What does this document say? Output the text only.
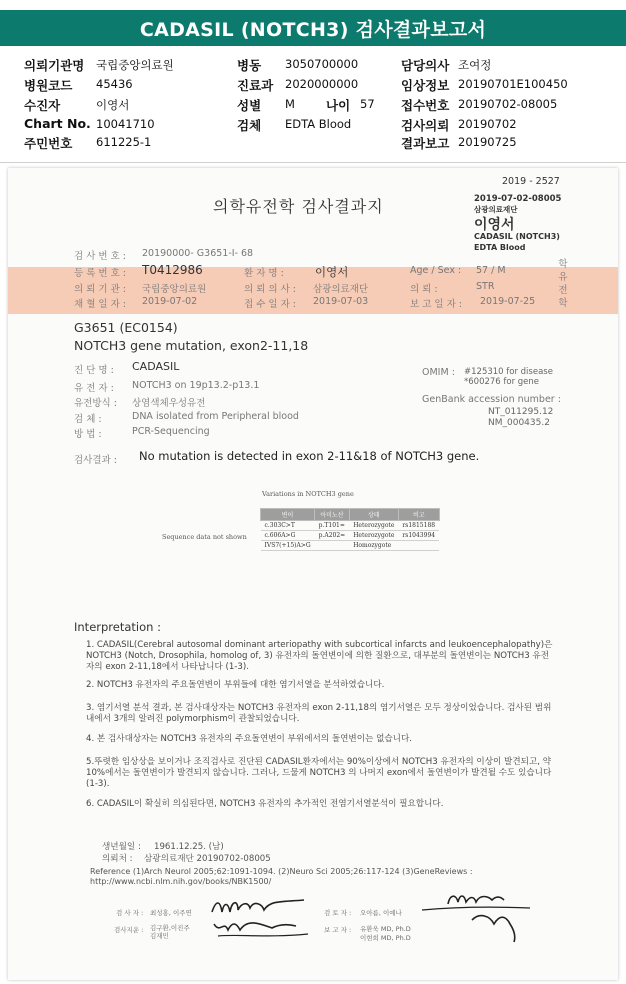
CADASIL (NOTCH3) 검사결과보고서
의뢰기관명 국립중앙의료원
병원코드 45436
수진자	이영서
Chart No. 10041710
주민번호 611225-1
병동 3050700000
진료과 2020000000
성별 M 나이 57
검체 EDTA Blood
담당의사 조여정
임상정보 20190701E100450
접수번호 20190702-08005
검사의뢰 20190702
결과보고 20190725
2019 - 2527
의학유전학 검사결과지	2019-07-02-08005
삼광의료재단
이영서
CADASIL (NOTCH3)
EDTA Blood
검 사 번 호 : 20190000- G3651-I- 68
등 록 번 호 : T0412986	환 자 명 :	이영서	Age / Sex : 57 / M
의 뢰 기 관 : 국립중앙의료원	의 뢰 의 사 : 삼광의료재단	의 뢰 :	STR
채 혈 일 자 : 2019-07-02	접 수 일 자 : 2019-07-03	보 고 일 자 : 2019-07-25
학 유 전 학
G3651 (EC0154)
NOTCH3 gene mutation, exon2-11,18
진 단 명 : CADASIL
유 전 자 : NOTCH3 on 19p13.2-p13.1
유전방식 : 상염색체우성유전
검 체 :	DNA isolated from Peripheral blood
방 법 :	PCR-Sequencing
OMIM : #125310 for disease
*600276 for gene
GenBank accession number :
NT_011295.12
NM_000435.2
검사결과 : No mutation is detected in exon 2-11&18 of NOTCH3 gene.
Variations in NOTCH3 gene
Sequence data not shown
변이	아미노산	상태	비고
c.303C>T	p.T101=	Heterozygote	rs1815188
c.606A>G	p.A202=	Heterozygote	rs1043994
IVS7(+15)A>G		Homozygote	
Interpretation :

1. CADASIL(Cerebral autosomal dominant arteriopathy with subcortical infarcts and leukoencephalopathy)은 NOTCH3 (Notch, Drosophila, homolog of, 3) 유전자의 돌연변이에 의한 질환으로, 대부분의 돌연변이는 NOTCH3 유전자의 exon 2-11,18에서 나타납니다 (1-3).

2. NOTCH3 유전자의 주요돌연변이 부위들에 대한 염기서열을 분석하였습니다.

3. 염기서열 분석 결과, 본 검사대상자는 NOTCH3 유전자의 exon 2-11,18의 염기서열은 모두 정상이었습니다. 검사된 범위내에서 3개의 알려진 polymorphism이 관찰되었습니다.

4. 본 검사대상자는 NOTCH3 유전자의 주요돌연변이 부위에서의 돌연변이는 없습니다.

5.뚜렷한 임상상을 보이거나 조직검사로 진단된 CADASIL환자에서는 90%이상에서 NOTCH3 유전자의 이상이 발견되고, 약 10%에서는 돌연변이가 발견되지 않습니다. 그러나, 드물게 NOTCH3 의 나머지 exon에서 돌연변이가 발견될 수도 있습니다 (1-3).

6. CADASIL이 확실히 의심된다면, NOTCH3 유전자의 추가적인 전염기서열분석이 필요합니다.

생년월일 : 1961.12.25. (남)
의뢰처 : 삼광의료재단 20190702-08005
Reference (1)Arch Neurol 2005;62:1091-1094. (2)Neuro Sci 2005;26:117-124 (3)GeneReviews : http://www.ncbi.nlm.nih.gov/books/NBK1500/
검 사 자 : 최성홍, 이주연
검사지운 : 김구환,이진주 김재민
검 토 자 : 오아름, 이예나
보 고 자 : 유환욱 MD, Ph.D
이현희 MD, Ph.D
